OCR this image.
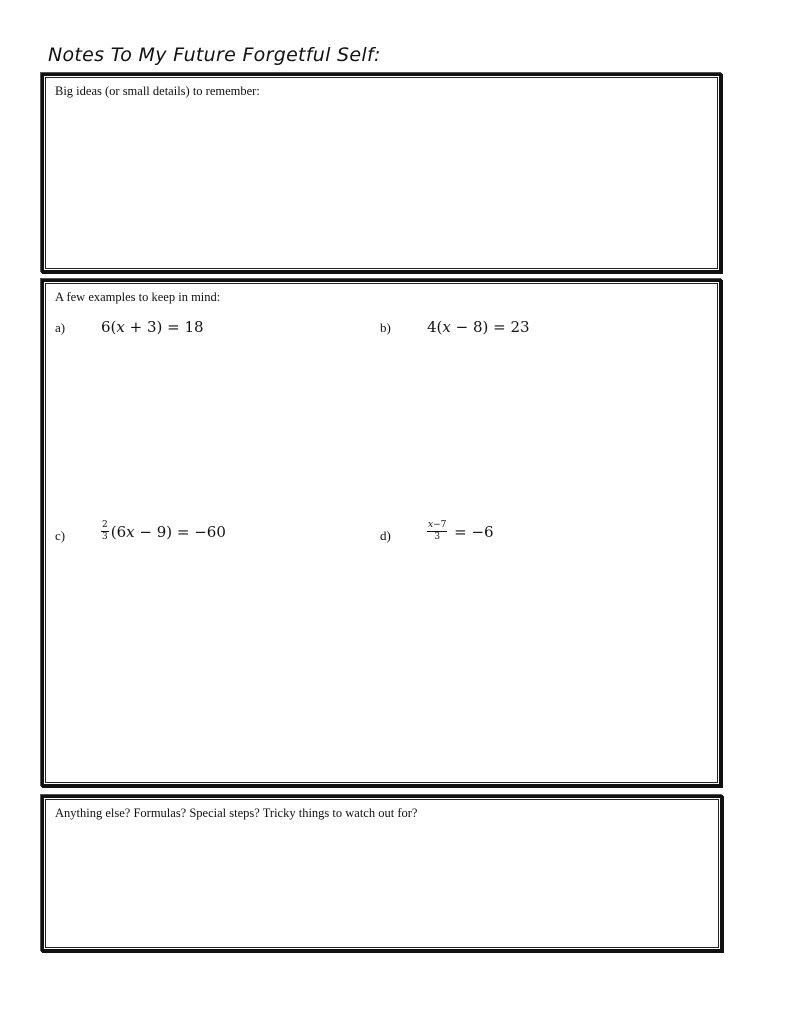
Notes To My Future Forgetful Self:
Big ideas (or small details) to remember:
A few examples to keep in mind:
a) 6( x + 3) = 18	b) 4( x − 8) = 23
c)	$\frac{2}{3} (6$ x − 9) = −60	d)	$\frac{x-7}{3} = -6$
Anything else? Formulas? Special steps? Tricky things to watch out for?
